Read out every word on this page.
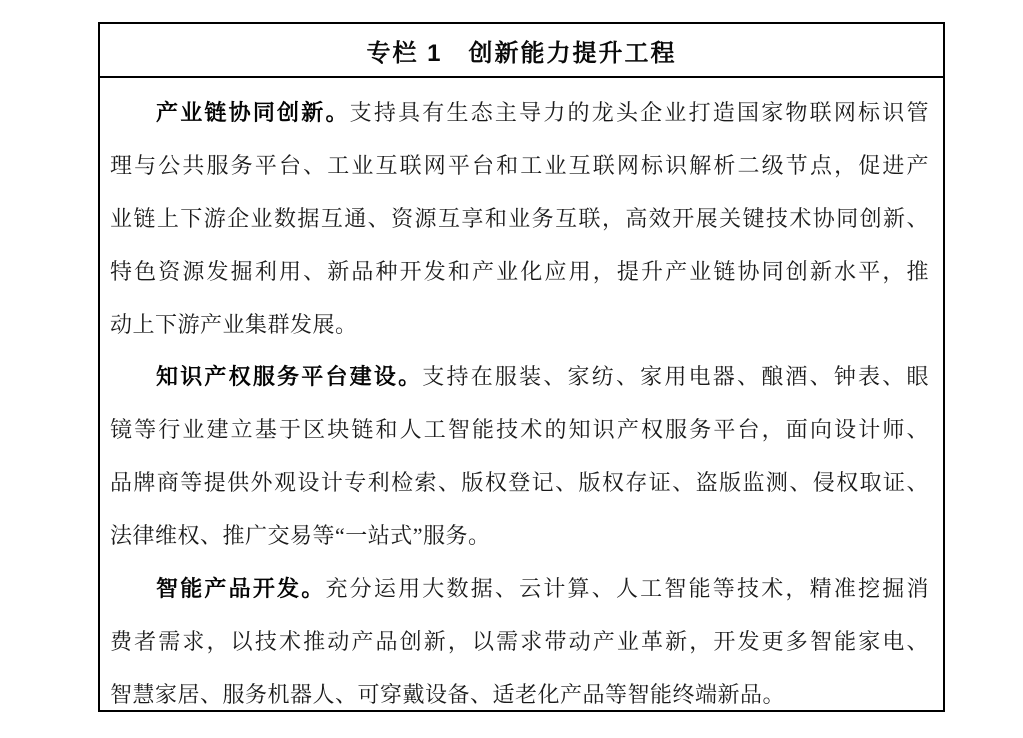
专栏 1 创新能力提升工程
产业链协同创新。支持具有生态主导力的龙头企业打造国家物联网标识管
理与公共服务平台、工业互联网平台和工业互联网标识解析二级节点，促进产
业链上下游企业数据互通、资源互享和业务互联，高效开展关键技术协同创新、
特色资源发掘利用、新品种开发和产业化应用，提升产业链协同创新水平，推
动上下游产业集群发展。
知识产权服务平台建设。支持在服装、家纺、家用电器、酿酒、钟表、眼
镜等行业建立基于区块链和人工智能技术的知识产权服务平台，面向设计师、
品牌商等提供外观设计专利检索、版权登记、版权存证、盗版监测、侵权取证、
法律维权、推广交易等“一站式”服务。
智能产品开发。充分运用大数据、云计算、人工智能等技术，精准挖掘消
费者需求，以技术推动产品创新，以需求带动产业革新，开发更多智能家电、
智慧家居、服务机器人、可穿戴设备、适老化产品等智能终端新品。
